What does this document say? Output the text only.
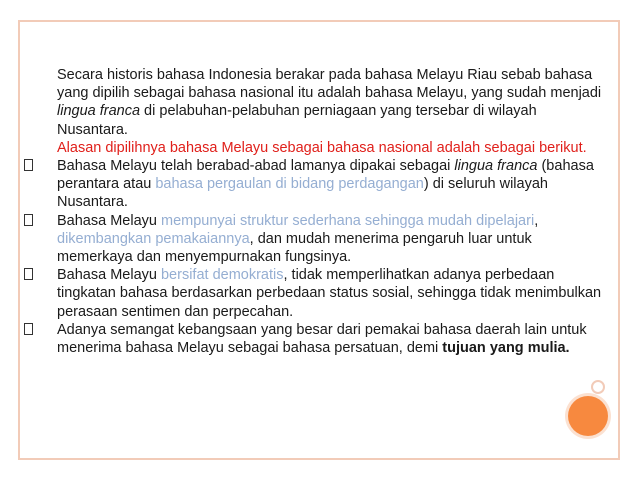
Secara historis bahasa Indonesia berakar pada bahasa Melayu Riau sebab bahasa yang dipilih sebagai bahasa nasional itu adalah bahasa Melayu, yang sudah menjadi lingua franca di pelabuhan-pelabuhan perniagaan yang tersebar di wilayah Nusantara.

Alasan dipilihnya bahasa Melayu sebagai bahasa nasional adalah sebagai berikut.

Bahasa Melayu telah berabad-abad lamanya dipakai sebagai lingua franca (bahasa perantara atau bahasa pergaulan di bidang perdagangan) di seluruh wilayah Nusantara.

Bahasa Melayu mempunyai struktur sederhana sehingga mudah dipelajari, dikembangkan pemakaiannya, dan mudah menerima pengaruh luar untuk memerkaya dan menyempurnakan fungsinya.

Bahasa Melayu bersifat demokratis, tidak memperlihatkan adanya perbedaan tingkatan bahasa berdasarkan perbedaan status sosial, sehingga tidak menimbulkan perasaan sentimen dan perpecahan.

Adanya semangat kebangsaan yang besar dari pemakai bahasa daerah lain untuk menerima bahasa Melayu sebagai bahasa persatuan, demi tujuan yang mulia.
